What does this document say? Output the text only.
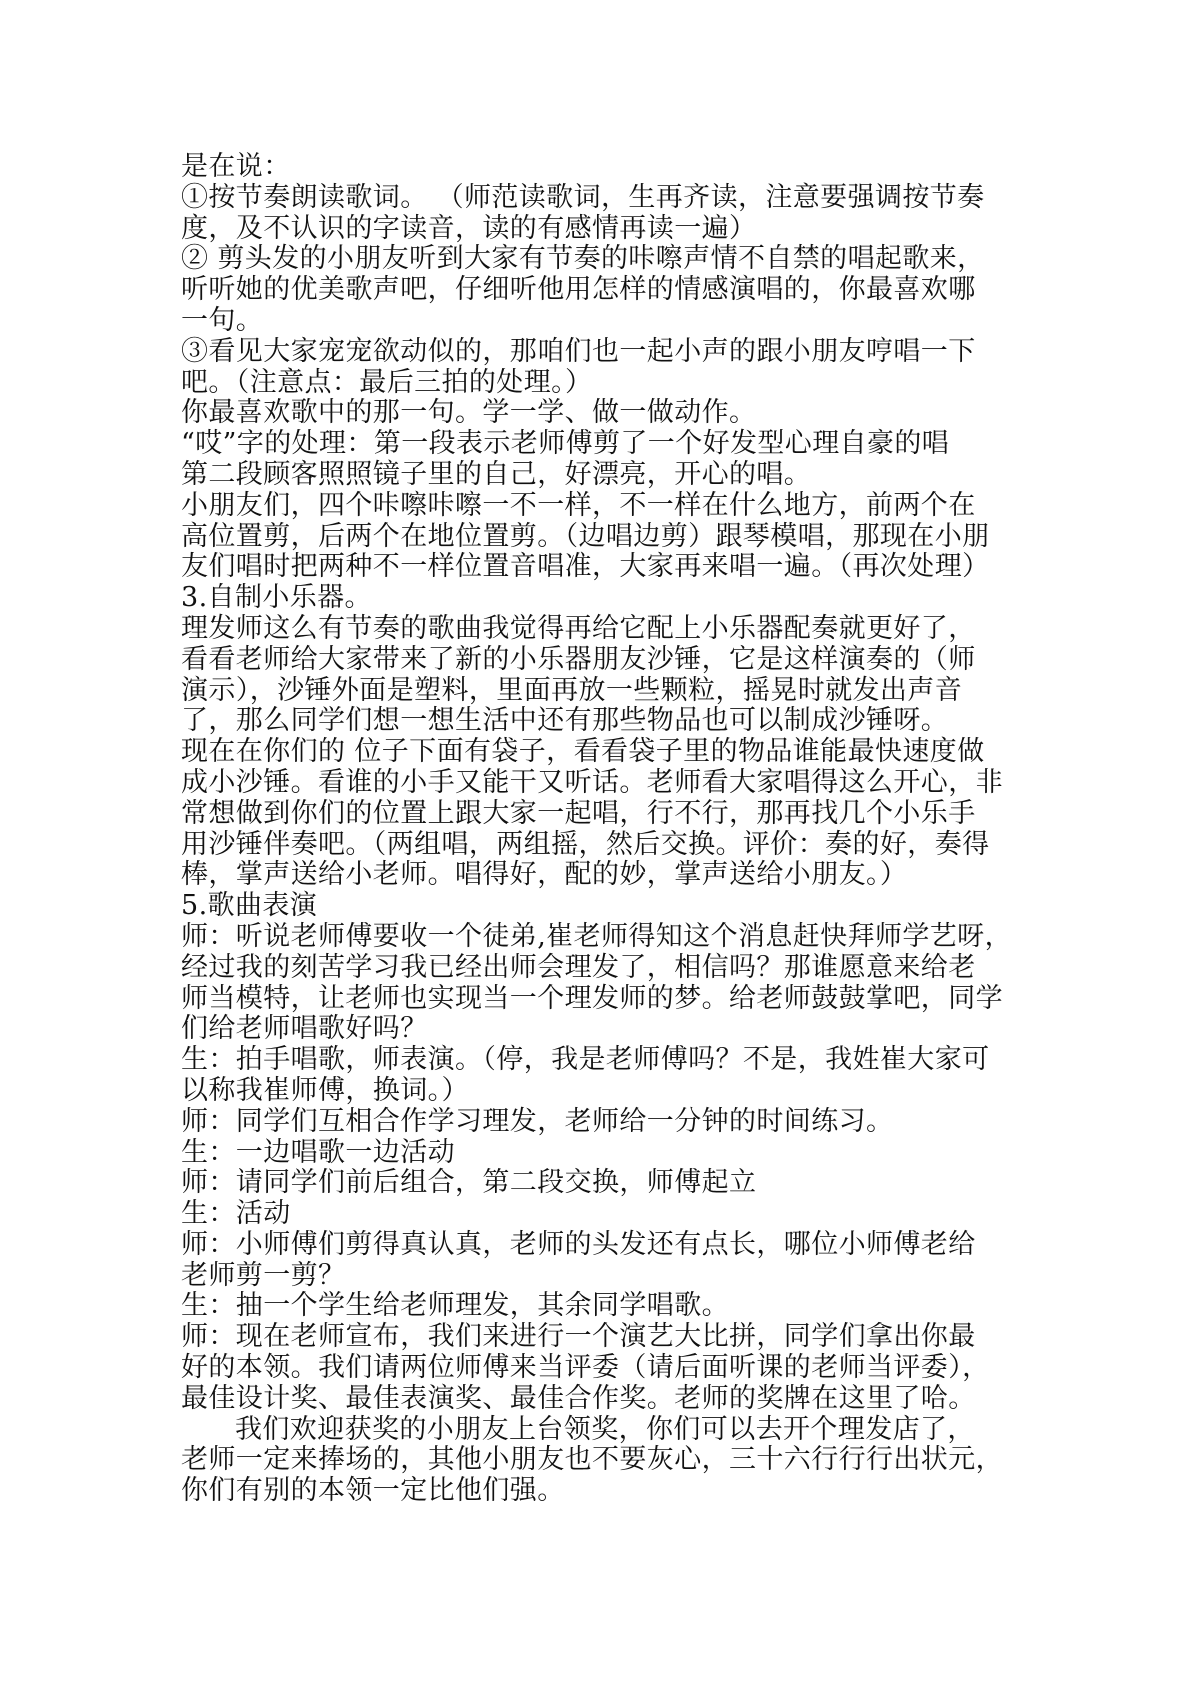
是在说：
①按节奏朗读歌词。 （师范读歌词，生再齐读，注意要强调按节奏
度，及不认识的字读音，读的有感情再读一遍）
② 剪头发的小朋友听到大家有节奏的咔嚓声情不自禁的唱起歌来，
听听她的优美歌声吧，仔细听他用怎样的情感演唱的，你最喜欢哪
一句。
③看见大家宠宠欲动似的，那咱们也一起小声的跟小朋友哼唱一下
吧。（注意点：最后三拍的处理。）
你最喜欢歌中的那一句。学一学、做一做动作。
“哎”字的处理：第一段表示老师傅剪了一个好发型心理自豪的唱
第二段顾客照照镜子里的自己，好漂亮，开心的唱。
小朋友们，四个咔嚓咔嚓一不一样，不一样在什么地方，前两个在
高位置剪，后两个在地位置剪。（边唱边剪）跟琴模唱，那现在小朋
友们唱时把两种不一样位置音唱准，大家再来唱一遍。（再次处理）
3.自制小乐器。
理发师这么有节奏的歌曲我觉得再给它配上小乐器配奏就更好了，
看看老师给大家带来了新的小乐器朋友沙锤，它是这样演奏的（师
演示），沙锤外面是塑料，里面再放一些颗粒，摇晃时就发出声音
了，那么同学们想一想生活中还有那些物品也可以制成沙锤呀。
现在在你们的 位子下面有袋子，看看袋子里的物品谁能最快速度做
成小沙锤。看谁的小手又能干又听话。老师看大家唱得这么开心，非
常想做到你们的位置上跟大家一起唱，行不行，那再找几个小乐手
用沙锤伴奏吧。（两组唱，两组摇，然后交换。评价：奏的好，奏得
棒，掌声送给小老师。唱得好，配的妙，掌声送给小朋友。）
5.歌曲表演
师：听说老师傅要收一个徒弟,崔老师得知这个消息赶快拜师学艺呀，
经过我的刻苦学习我已经出师会理发了，相信吗？那谁愿意来给老
师当模特，让老师也实现当一个理发师的梦。给老师鼓鼓掌吧，同学
们给老师唱歌好吗？
生：拍手唱歌，师表演。（停，我是老师傅吗？不是，我姓崔大家可
以称我崔师傅，换词。）
师：同学们互相合作学习理发，老师给一分钟的时间练习。
生：一边唱歌一边活动
师：请同学们前后组合，第二段交换，师傅起立
生：活动
师：小师傅们剪得真认真，老师的头发还有点长，哪位小师傅老给
老师剪一剪？
生：抽一个学生给老师理发，其余同学唱歌。
师：现在老师宣布，我们来进行一个演艺大比拼，同学们拿出你最
好的本领。我们请两位师傅来当评委（请后面听课的老师当评委），
最佳设计奖、最佳表演奖、最佳合作奖。老师的奖牌在这里了哈。
我们欢迎获奖的小朋友上台领奖，你们可以去开个理发店了，
老师一定来捧场的，其他小朋友也不要灰心，三十六行行行出状元，
你们有别的本领一定比他们强。
